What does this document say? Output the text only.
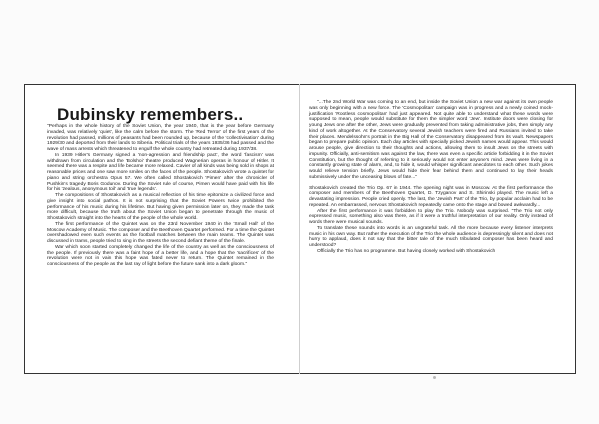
Dubinsky remembers..

"Perhaps in the whole history of the Soviet Union, the year 1940, that is the year before Germany invaded, was relatively 'quiet', like the calm before the storm. The 'Red Terror' of the first years of the revolution had passed, millions of peasants had been rounded up, because of the 'collectivisation' during 1929/30 and deported from their lands to Siberia. Political trials of the years 1935/36 had passed and the wave of mass arrests which threatened to engulf the whole country had retreated during 1937/38.

In 1939 Hitler's Germany signed a 'non-agression and friendship pact', the word 'fascism' was withdrawn from circulation and the 'Bolshoi' theatre produced Wagnerian operas in honour of Hitler. It seemed there was a respite and life became more relaxed. Cavier of all kinds was being sold in shops at reasonable prices and one saw more smiles on the faces of the people. Shostakovich wrote a quintet for piano and string orchestra Opus 57. We often called Shostakovich 'Pimen' after the chronicler of Pushkin's tragedy Boris Godunov. During the Soviet rule of course, Pimen would have paid with his life for his 'zealous, anonymous toil' and 'true legends'.

The compositions of Shostakovich as a musical reflection of his time epitomize a civilized force and give insight into social pathos. It is not surprising that the Soviet Powers twice prohibited the performance of his music during his lifetime. But having given permission later on, they made the task more difficult, because the truth about the Soviet Union began to penetrate through the music of Shostakovich straight into the hearts of the people of the whole world.

The first performance of the Quintet was on the 23rd November 1940 in the 'Small Hall' of the Moscow Academy of Music. The composer and the Beethoven Quartet performed. For a time the Quintet overshadowed even such events as the football matches between the main teams. The Quintet was discussed in trams, people tried to sing in the streets the second defiant theme of the finale.

War which soon started completely changed the life of the country as well as the consciousness of the people. If previously there was a faint hope of a better life, and a hope that the 'sacrifices' of the revolution were not in vain this hope was fated never to return. The Quintet remained in the consciousness of the people as the last ray of light before the future sank into a dark gloom."

"...The 2nd World War was coming to an end, but inside the Soviet Union a new war against its own people was only beginning with a new force. The 'Cosmopolitan' campaign was in progress and a newly coined mock-justification 'Rootless cosmopolitan' had just appeared. Not quite able to understand what these words were supposed to mean, people would substitute for them the simpler word 'Jew'. Institute doors were closing for young Jews one after the other, Jews were gradually prevented from taking administrative jobs, then simply any kind of work altogether. At the Conservatory several Jewish teachers were fired and Russians invited to take their places. Mendelssohn's portrait in the Big Hall of the Conservatory disappeared from its vault. Newspapers began to prepare public opinion. Each day articles with specially picked Jewish names would appear. This would arouse people, give direction to their thoughts and actions, allowing them to insult Jews on the streets with impunity. Officially, anti-semitism was against the law, there was even a specific article forbidding it in the Soviet Constitution, but the thought of referring to it seriously would not enter anyone's mind. Jews were living in a constantly growing state of alarm, and, to hide it, would whisper significant anecdotes to each other. Such jokes would relieve tension briefly. Jews would hide their fear behind them and continued to lay their heads submissively under the unceasing blows of fate..."

Shostakovich created the Trio Op. 67 in 1944. The opening night was in Moscow. At the first performance the composer and members of the Beethoven Quartet, D. Tzyganov and S. Shirinski played. The music left a devastating impression. People cried openly. The last, the 'Jewish Part' of the Trio, by popular acclaim had to be repeated. An embarrassed, nervous Shostakovich repeatedly came onto the stage and bowed awkwardly...

After the first performance it was forbidden to play the Trio. Nobody was surprised. "The Trio not only expressed music, something also was there, as if it were a truthful interpretation of our reality. Only instead of words there were musical sounds.

To translate these sounds into words is an ungrateful task. All the more because every listener interprets music in his own way. But rather the execution of the Trio the whole audience is depressingly silent and does not hurry to applaud, does it not say that the bitter tale of the much tribulated composer has been heard and understood?

Officially the Trio has no programme. But having closely worked with Shostakovich
